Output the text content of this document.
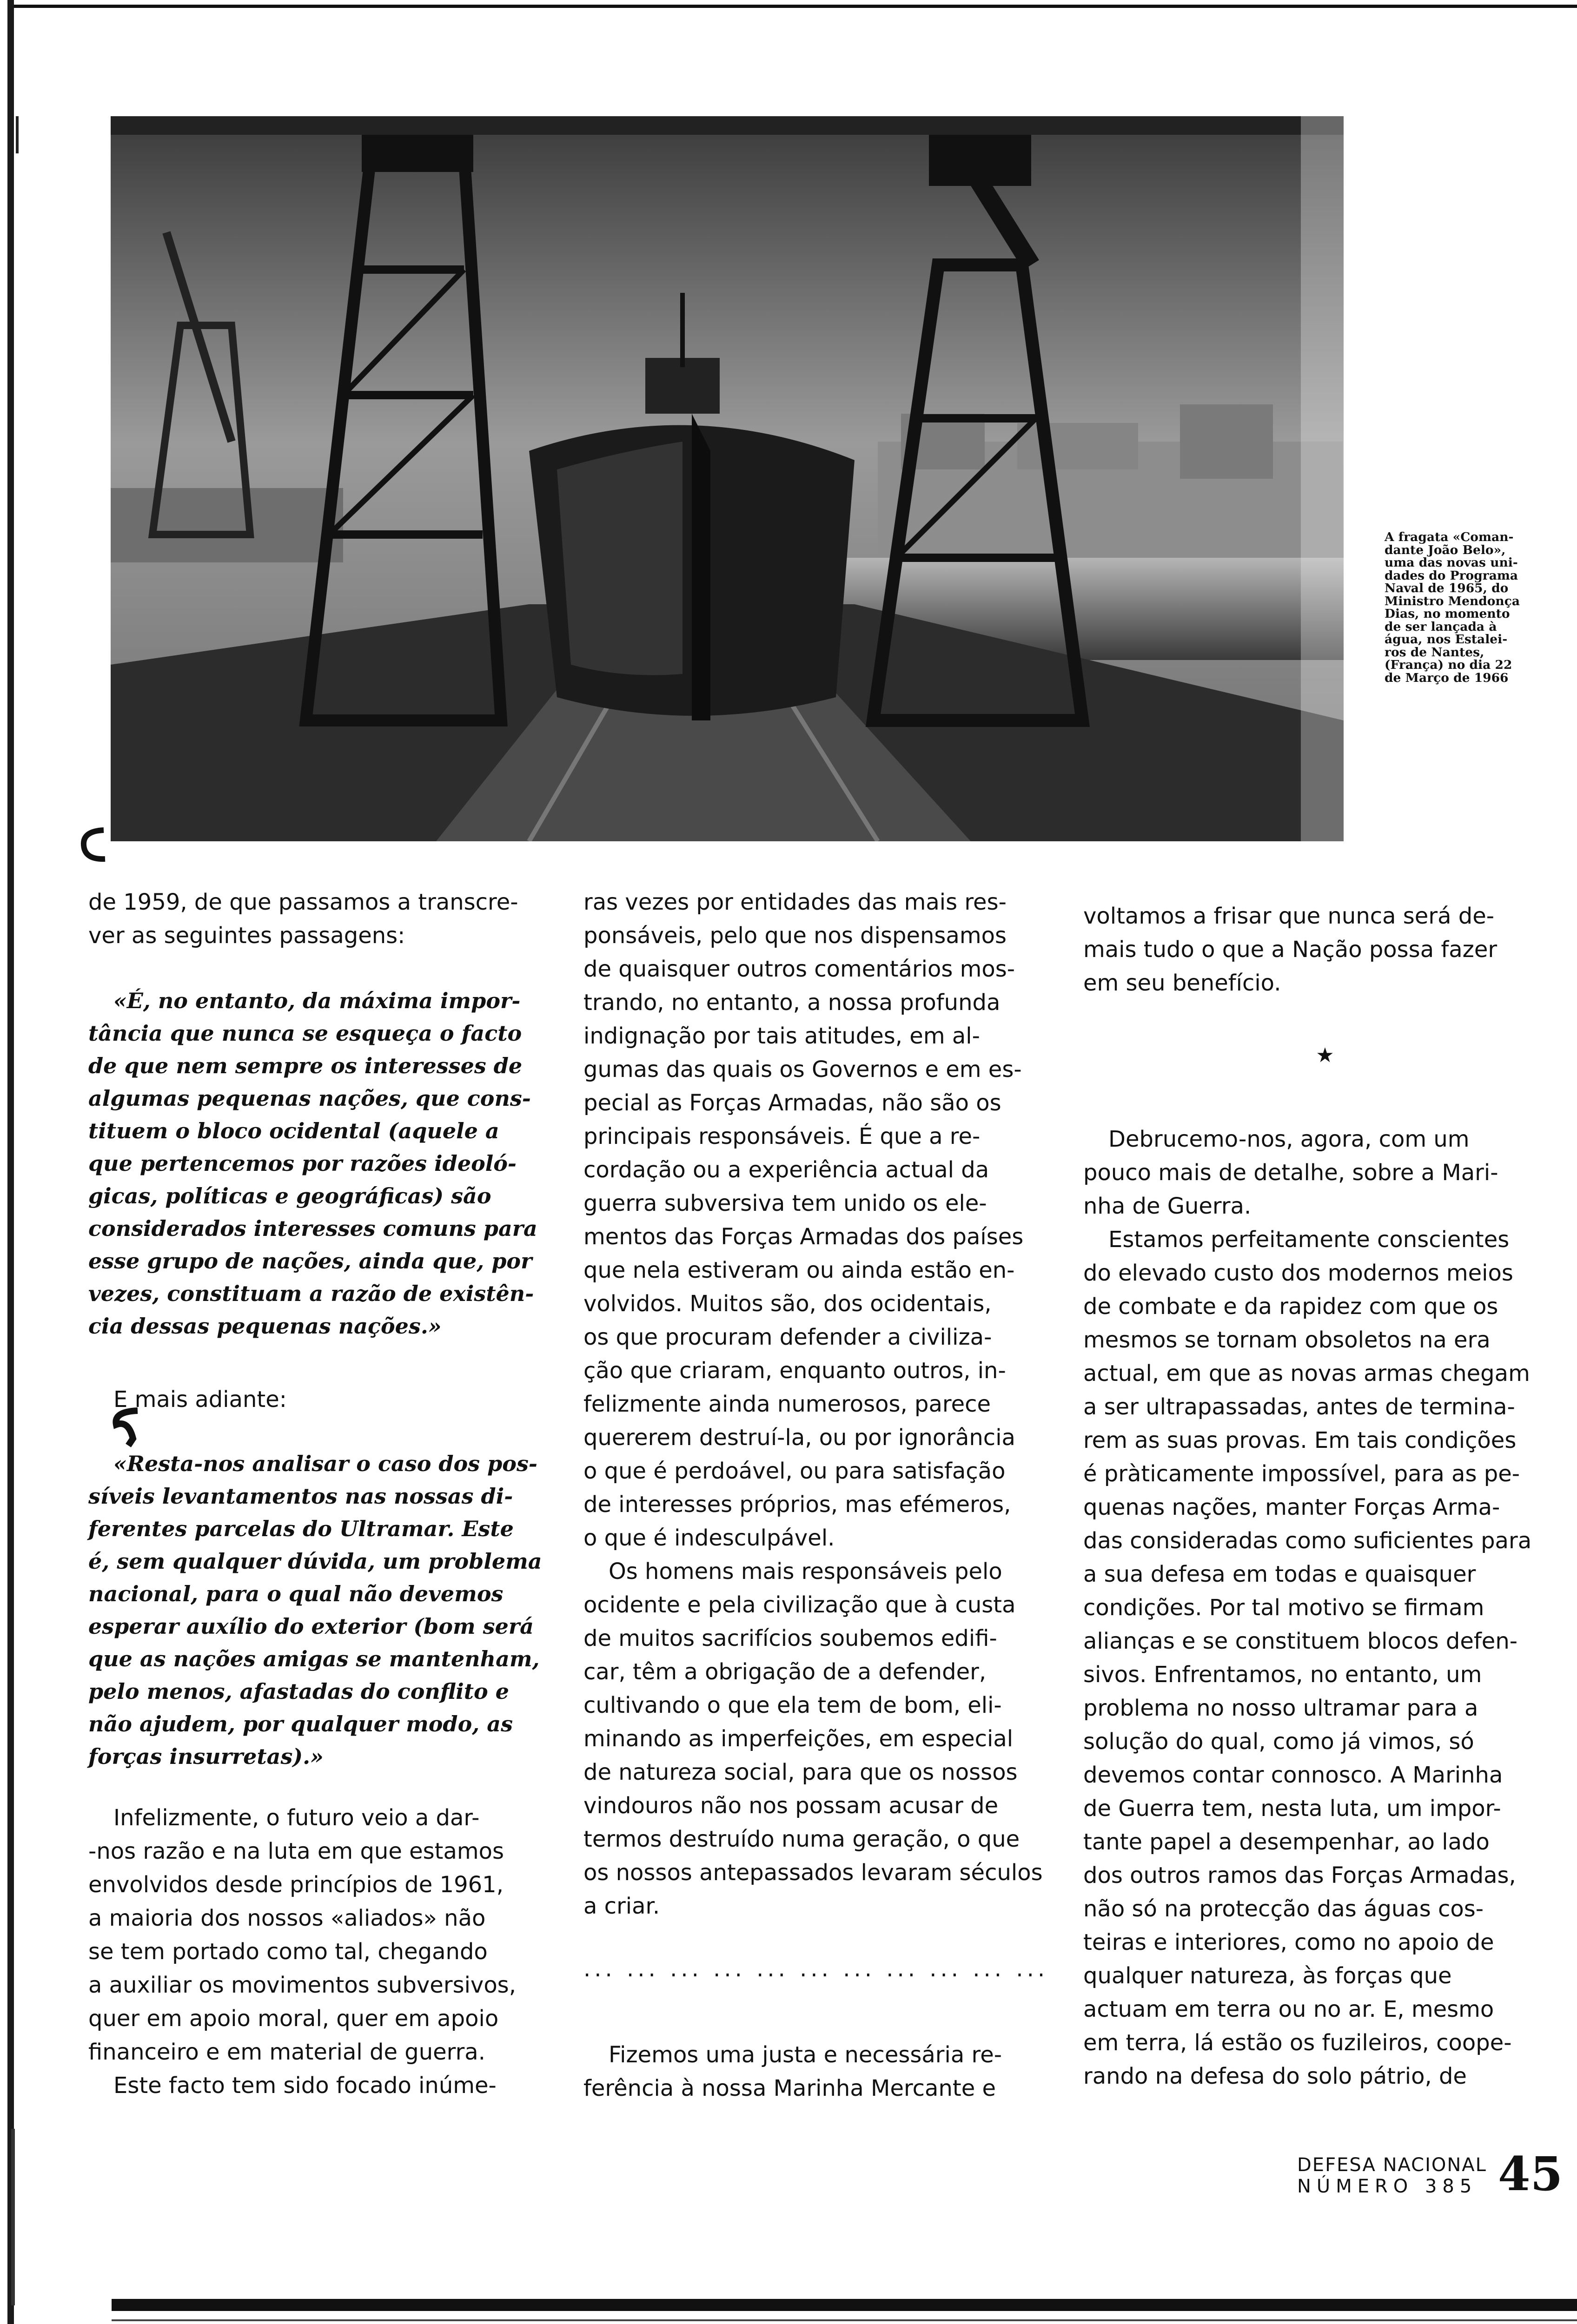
A fragata «Coman-
dante João Belo»,
uma das novas uni-
dades do Programa
Naval de 1965, do
Ministro Mendonça
Dias, no momento
de ser lançada à
água, nos Estalei-
ros de Nantes,
(França) no dia 22
de Março de 1966
de 1959, de que passamos a transcre-
ver as seguintes passagens:
«É, no entanto, da máxima impor-
tância que nunca se esqueça o facto
de que nem sempre os interesses de
algumas pequenas nações, que cons-
tituem o bloco ocidental (aquele a
que pertencemos por razões ideoló-
gicas, políticas e geográficas) são
considerados interesses comuns para
esse grupo de nações, ainda que, por
vezes, constituam a razão de existên-
cia dessas pequenas nações.»
E mais adiante:
«Resta-nos analisar o caso dos pos-
síveis levantamentos nas nossas di-
ferentes parcelas do Ultramar. Este
é, sem qualquer dúvida, um problema
nacional, para o qual não devemos
esperar auxílio do exterior (bom será
que as nações amigas se mantenham,
pelo menos, afastadas do conflito e
não ajudem, por qualquer modo, as
forças insurretas).»
Infelizmente, o futuro veio a dar-
-nos razão e na luta em que estamos
envolvidos desde princípios de 1961,
a maioria dos nossos «aliados» não
se tem portado como tal, chegando
a auxiliar os movimentos subversivos,
quer em apoio moral, quer em apoio
financeiro e em material de guerra.
Este facto tem sido focado inúme-
ras vezes por entidades das mais res-
ponsáveis, pelo que nos dispensamos
de quaisquer outros comentários mos-
trando, no entanto, a nossa profunda
indignação por tais atitudes, em al-
gumas das quais os Governos e em es-
pecial as Forças Armadas, não são os
principais responsáveis. É que a re-
cordação ou a experiência actual da
guerra subversiva tem unido os ele-
mentos das Forças Armadas dos países
que nela estiveram ou ainda estão en-
volvidos. Muitos são, dos ocidentais,
os que procuram defender a civiliza-
ção que criaram, enquanto outros, in-
felizmente ainda numerosos, parece
quererem destruí-la, ou por ignorância
o que é perdoável, ou para satisfação
de interesses próprios, mas efémeros,
o que é indesculpável.
Os homens mais responsáveis pelo
ocidente e pela civilização que à custa
de muitos sacrifícios soubemos edifi-
car, têm a obrigação de a defender,
cultivando o que ela tem de bom, eli-
minando as imperfeições, em especial
de natureza social, para que os nossos
vindouros não nos possam acusar de
termos destruído numa geração, o que
os nossos antepassados levaram séculos
a criar.
... ... ... ... ... ... ... ... ... ... ...
Fizemos uma justa e necessária re-
ferência à nossa Marinha Mercante e
voltamos a frisar que nunca será de-
mais tudo o que a Nação possa fazer
em seu benefício.
★
Debrucemo-nos, agora, com um
pouco mais de detalhe, sobre a Mari-
nha de Guerra.
Estamos perfeitamente conscientes
do elevado custo dos modernos meios
de combate e da rapidez com que os
mesmos se tornam obsoletos na era
actual, em que as novas armas chegam
a ser ultrapassadas, antes de termina-
rem as suas provas. Em tais condições
é pràticamente impossível, para as pe-
quenas nações, manter Forças Arma-
das consideradas como suficientes para
a sua defesa em todas e quaisquer
condições. Por tal motivo se firmam
alianças e se constituem blocos defen-
sivos. Enfrentamos, no entanto, um
problema no nosso ultramar para a
solução do qual, como já vimos, só
devemos contar connosco. A Marinha
de Guerra tem, nesta luta, um impor-
tante papel a desempenhar, ao lado
dos outros ramos das Forças Armadas,
não só na protecção das águas cos-
teiras e interiores, como no apoio de
qualquer natureza, às forças que
actuam em terra ou no ar. E, mesmo
em terra, lá estão os fuzileiros, coope-
rando na defesa do solo pátrio, de
DEFESA NACIONAL
NÚMERO 385 45
